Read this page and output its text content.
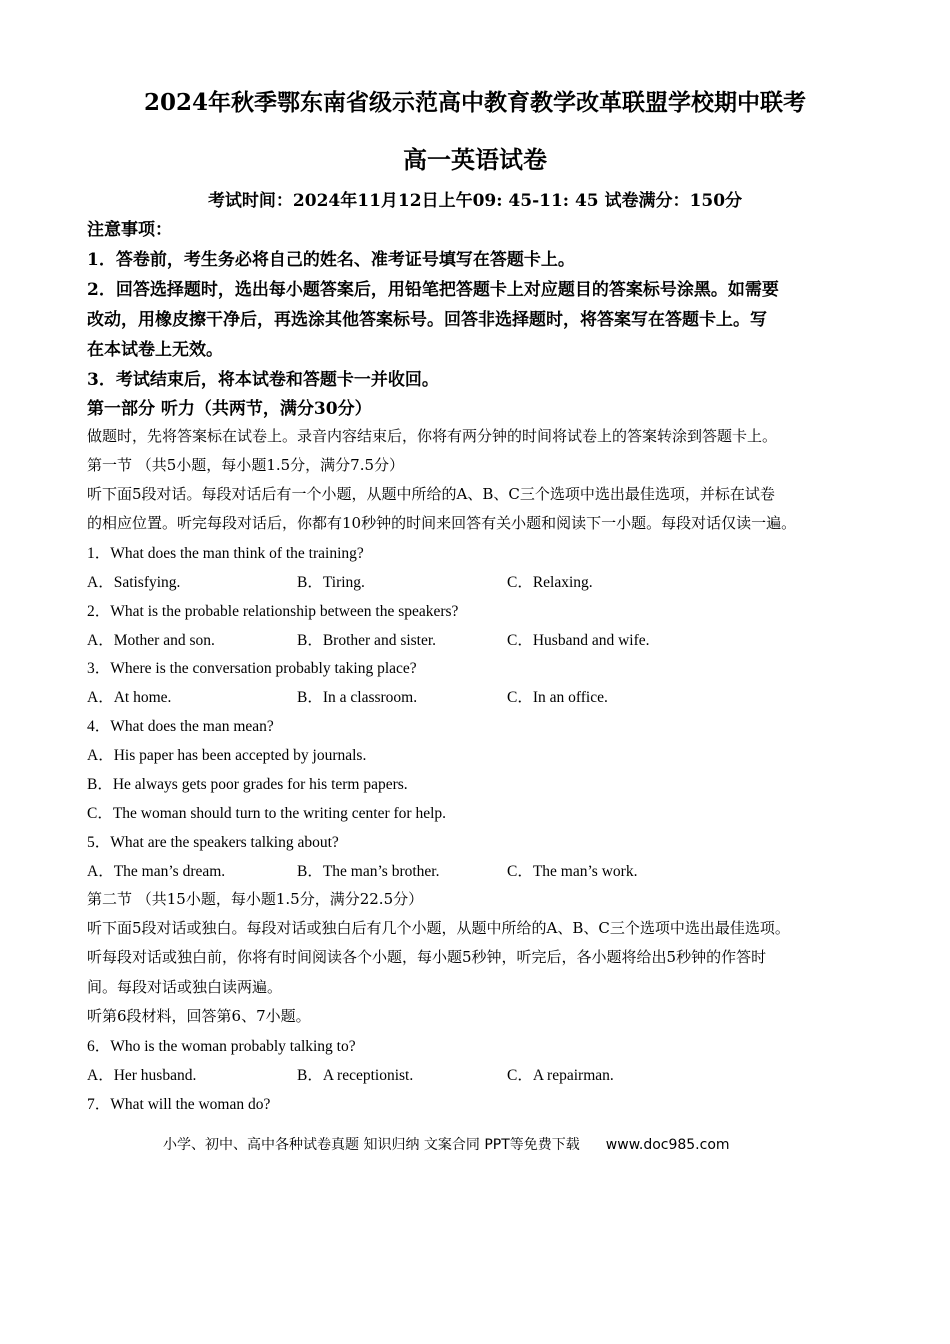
2024年秋季鄂东南省级示范高中教育教学改革联盟学校期中联考
高一英语试卷
考试时间：2024年11月12日上午09: 45-11: 45 试卷满分：150分
注意事项：
1．答卷前，考生务必将自己的姓名、准考证号填写在答题卡上。
2．回答选择题时，选出每小题答案后，用铅笔把答题卡上对应题目的答案标号涂黑。如需要
改动，用橡皮擦干净后，再选涂其他答案标号。回答非选择题时，将答案写在答题卡上。写
在本试卷上无效。
3．考试结束后，将本试卷和答题卡一并收回。
第一部分 听力（共两节，满分30分）
做题时，先将答案标在试卷上。录音内容结束后，你将有两分钟的时间将试卷上的答案转涂到答题卡上。
第一节 （共5小题，每小题1.5分，满分7.5分）
听下面5段对话。每段对话后有一个小题，从题中所给的A、B、C三个选项中选出最佳选项，并标在试卷
的相应位置。听完每段对话后，你都有10秒钟的时间来回答有关小题和阅读下一小题。每段对话仅读一遍。
1．What does the man think of the training?
A．Satisfying.	B．Tiring.	C．Relaxing.
2．What is the probable relationship between the speakers?
A．Mother and son.	B．Brother and sister.	C．Husband and wife.
3．Where is the conversation probably taking place?
A．At home.	B．In a classroom.	C．In an office.
4．What does the man mean?
A．His paper has been accepted by journals.
B．He always gets poor grades for his term papers.
C．The woman should turn to the writing center for help.
5．What are the speakers talking about?
A．The man’s dream.	B．The man’s brother.	C．The man’s work.
第二节 （共15小题，每小题1.5分，满分22.5分）
听下面5段对话或独白。每段对话或独白后有几个小题，从题中所给的A、B、C三个选项中选出最佳选项。
听每段对话或独白前，你将有时间阅读各个小题，每小题5秒钟，听完后，各小题将给出5秒钟的作答时
间。每段对话或独白读两遍。
听第6段材料，回答第6、7小题。
6．Who is the woman probably talking to?
A．Her husband.	B．A receptionist.	C．A repairman.
7．What will the woman do?
小学、初中、高中各种试卷真题 知识归纳 文案合同 PPT等免费下载 www.doc985.com
